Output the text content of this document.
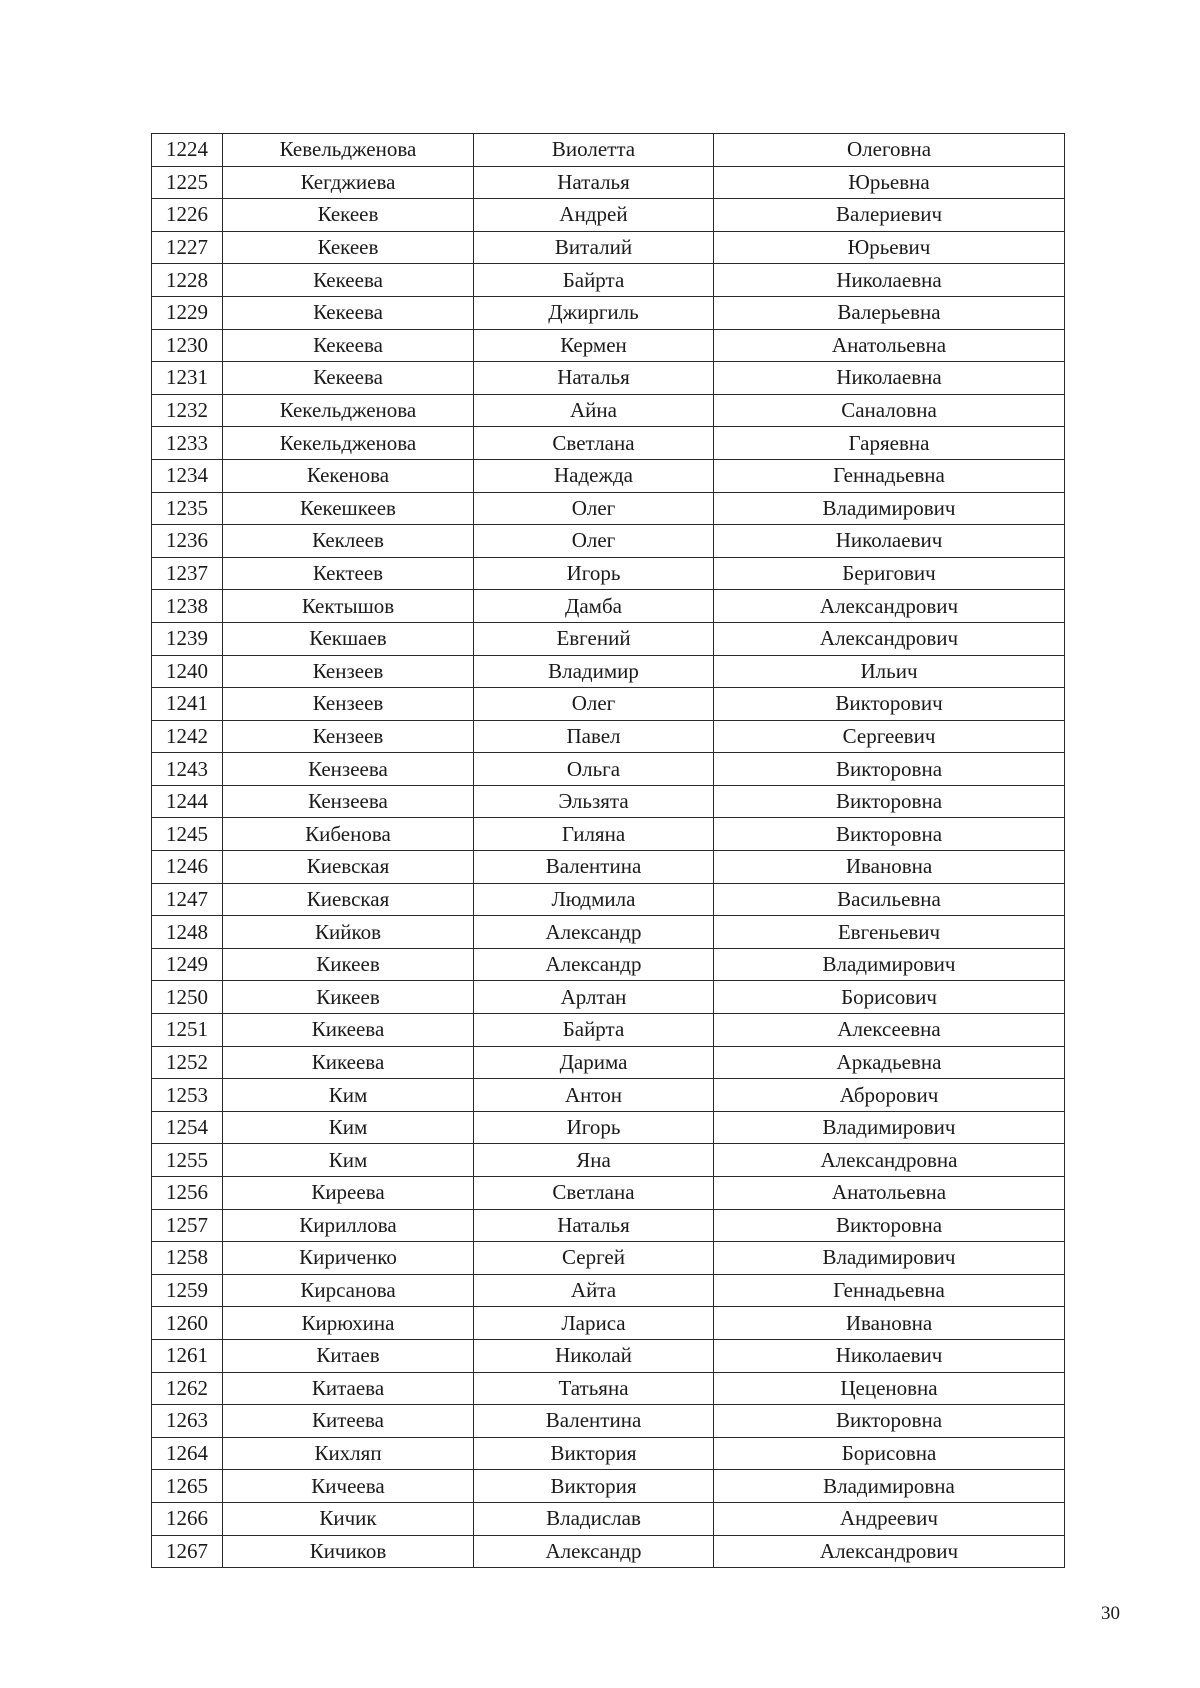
1224	Кевельдженова	Виолетта	Олеговна
1225	Кегджиева	Наталья	Юрьевна
1226	Кекеев	Андрей	Валериевич
1227	Кекеев	Виталий	Юрьевич
1228	Кекеева	Байрта	Николаевна
1229	Кекеева	Джиргиль	Валерьевна
1230	Кекеева	Кермен	Анатольевна
1231	Кекеева	Наталья	Николаевна
1232	Кекельдженова	Айна	Саналовна
1233	Кекельдженова	Светлана	Гаряевна
1234	Кекенова	Надежда	Геннадьевна
1235	Кекешкеев	Олег	Владимирович
1236	Кеклеев	Олег	Николаевич
1237	Кектеев	Игорь	Беригович
1238	Кектышов	Дамба	Александрович
1239	Кекшаев	Евгений	Александрович
1240	Кензеев	Владимир	Ильич
1241	Кензеев	Олег	Викторович
1242	Кензеев	Павел	Сергеевич
1243	Кензеева	Ольга	Викторовна
1244	Кензеева	Эльзята	Викторовна
1245	Кибенова	Гиляна	Викторовна
1246	Киевская	Валентина	Ивановна
1247	Киевская	Людмила	Васильевна
1248	Кийков	Александр	Евгеньевич
1249	Кикеев	Александр	Владимирович
1250	Кикеев	Арлтан	Борисович
1251	Кикеева	Байрта	Алексеевна
1252	Кикеева	Дарима	Аркадьевна
1253	Ким	Антон	Аброрович
1254	Ким	Игорь	Владимирович
1255	Ким	Яна	Александровна
1256	Киреева	Светлана	Анатольевна
1257	Кириллова	Наталья	Викторовна
1258	Кириченко	Сергей	Владимирович
1259	Кирсанова	Айта	Геннадьевна
1260	Кирюхина	Лариса	Ивановна
1261	Китаев	Николай	Николаевич
1262	Китаева	Татьяна	Цеценовна
1263	Китеева	Валентина	Викторовна
1264	Кихляп	Виктория	Борисовна
1265	Кичеева	Виктория	Владимировна
1266	Кичик	Владислав	Андреевич
1267	Кичиков	Александр	Александрович
30
